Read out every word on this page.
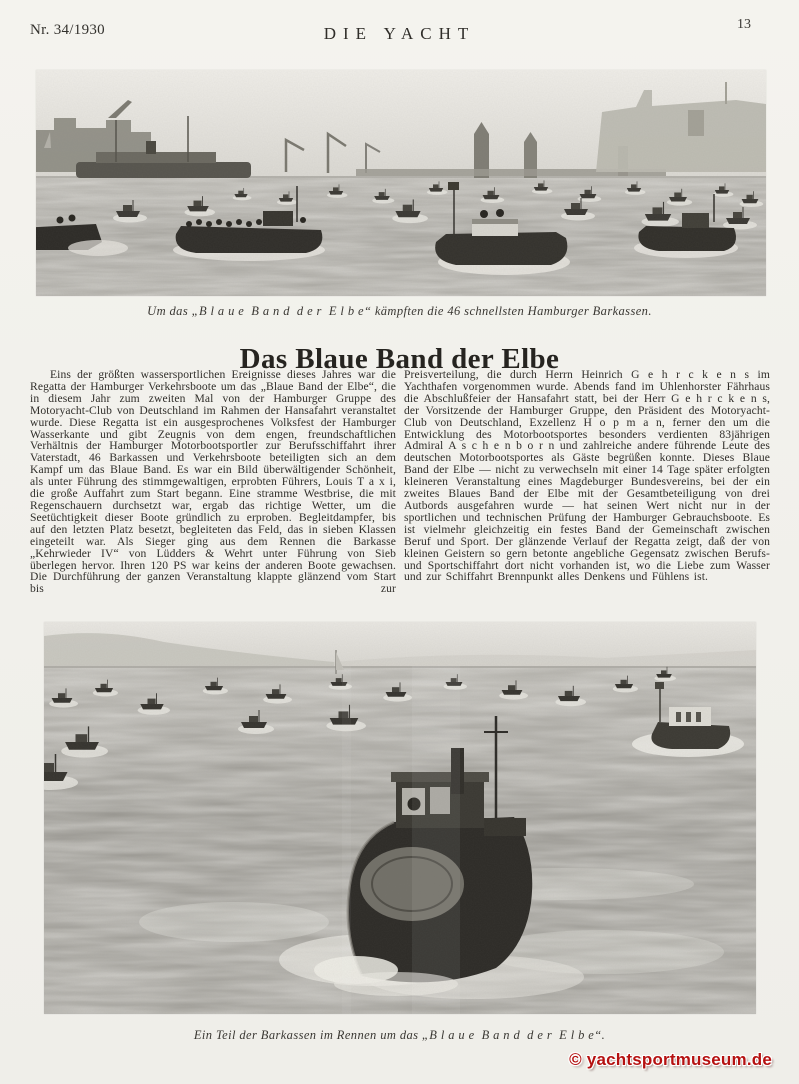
Nr. 34/1930	DIE YACHT	13
Um das „B l a u e  B a n d  d e r  E l b e“ kämpften die 46 schnellsten Hamburger Barkassen.
Das Blaue Band der Elbe
Eins der größten wassersportlichen Ereignisse dieses Jahres war die Regatta der Hamburger Verkehrsboote um das „Blaue Band der Elbe“, die in diesem Jahr zum zweiten Mal von der Hamburger Gruppe des Motoryacht-Club von Deutschland im Rahmen der Hansafahrt veranstaltet wurde. Diese Regatta ist ein ausgesprochenes Volksfest der Hamburger Wasserkante und gibt Zeugnis von dem engen, freundschaftlichen Verhältnis der Hamburger Motorbootsportler zur Berufsschiffahrt ihrer Vaterstadt, 46 Barkassen und Verkehrsboote beteiligten sich an dem Kampf um das Blaue Band. Es war ein Bild überwältigender Schönheit, als unter Führung des stimmgewaltigen, erprobten Führers, Louis T a x i, die große Auffahrt zum Start begann. Eine stramme Westbrise, die mit Regenschauern durchsetzt war, ergab das richtige Wetter, um die Seetüchtigkeit dieser Boote gründlich zu erproben. Begleitdampfer, bis auf den letzten Platz besetzt, begleiteten das Feld, das in sieben Klassen eingeteilt war. Als Sieger ging aus dem Rennen die Barkasse „Kehrwieder IV“ von Lüdders & Wehrt unter Führung von Sieb überlegen hervor. Ihren 120 PS war keins der anderen Boote gewachsen. Die Durchführung der ganzen Veranstaltung klappte glänzend vom Start bis zur
Preisverteilung, die durch Herrn Heinrich G e h r c k e n s im Yachthafen vorgenommen wurde. Abends fand im Uhlenhorster Fährhaus die Abschlußfeier der Hansafahrt statt, bei der Herr G e h r c k e n s, der Vorsitzende der Hamburger Gruppe, den Präsident des Motoryacht-Club von Deutschland, Exzellenz H o p m a n, ferner den um die Entwicklung des Motorbootsportes besonders verdienten 83jährigen Admiral A s c h e n b o r n und zahlreiche andere führende Leute des deutschen Motorbootsportes als Gäste begrüßen konnte. Dieses Blaue Band der Elbe — nicht zu verwechseln mit einer 14 Tage später erfolgten kleineren Veranstaltung eines Magdeburger Bundesvereins, bei der ein zweites Blaues Band der Elbe mit der Gesamtbeteiligung von drei Autbords ausgefahren wurde — hat seinen Wert nicht nur in der sportlichen und technischen Prüfung der Hamburger Gebrauchsboote. Es ist vielmehr gleichzeitig ein festes Band der Gemeinschaft zwischen Beruf und Sport. Der glänzende Verlauf der Regatta zeigt, daß der von kleinen Geistern so gern betonte angebliche Gegensatz zwischen Berufs- und Sportschiffahrt dort nicht vorhanden ist, wo die Liebe zum Wasser und zur Schiffahrt Brennpunkt alles Denkens und Fühlens ist.
Ein Teil der Barkassen im Rennen um das „B l a u e  B a n d  d e r  E l b e“.
© yachtsportmuseum.de
